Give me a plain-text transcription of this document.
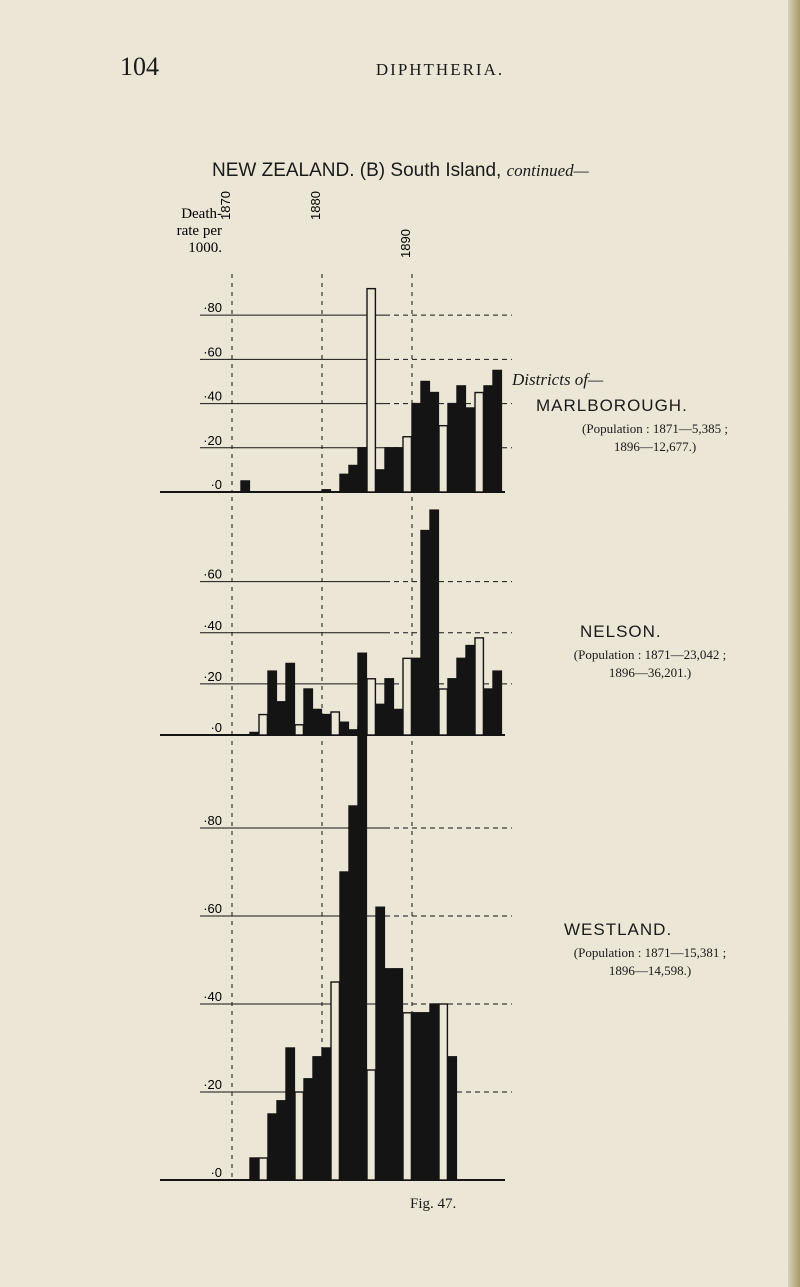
104	DIPHTHERIA.
NEW ZEALAND. (B) South Island, continued—
1870	1880
1890
Death-
rate per
1000.
·80
·60
·40
·20
·0
·60
·40
·20
·0
·80
·60
·40
·20
·0
Districts of—
MARLBOROUGH.
(Population : 1871—5,385 ;
1896—12,677.)
NELSON.
(Population : 1871—23,042 ;
1896—36,201.)
WESTLAND.
(Population : 1871—15,381 ;
1896—14,598.)
Fig. 47.
